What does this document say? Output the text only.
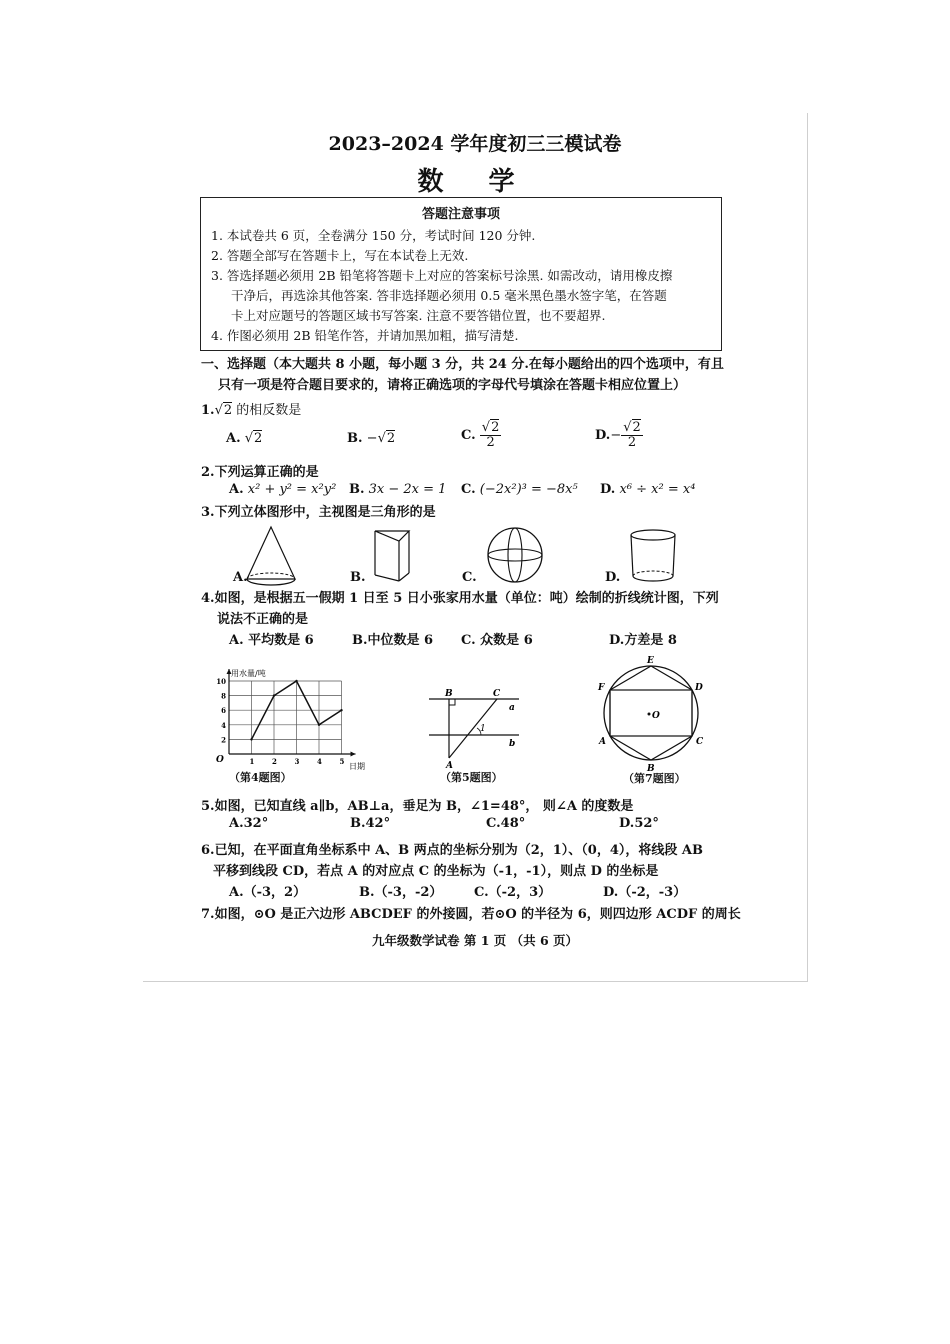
2023–2024 学年度初三三模试卷
数 学
答题注意事项
1. 本试卷共 6 页，全卷满分 150 分，考试时间 120 分钟.
2. 答题全部写在答题卡上，写在本试卷上无效.
3. 答选择题必须用 2B 铅笔将答题卡上对应的答案标号涂黑. 如需改动，请用橡皮擦
干净后，再选涂其他答案. 答非选择题必须用 0.5 毫米黑色墨水签字笔，在答题
卡上对应题号的答题区域书写答案. 注意不要答错位置，也不要超界.
4. 作图必须用 2B 铅笔作答，并请加黑加粗，描写清楚.
一、选择题（本大题共 8 小题，每小题 3 分，共 24 分.在每小题给出的四个选项中，有且
只有一项是符合题目要求的，请将正确选项的字母代号填涂在答题卡相应位置上）
1.√2 的相反数是
A. √2	B. −√2	C. $\frac{√2}{2}$	$D.- \frac{√2}{2}$
2.下列运算正确的是
A. x² + y² = x²y² B. 3x − 2x = 1 C. (−2x²)³ = −8x⁵ D. x⁶ ÷ x² = x⁴
3.下列立体图形中，主视图是三角形的是
A.	B.	C.	D.
4.如图，是根据五一假期 1 日至 5 日小张家用水量（单位：吨）绘制的折线统计图，下列
说法不正确的是
A. 平均数是 6	B.中位数是 6 C. 众数是 6	D.方差是 8
用水量/吨
日期
O	1	2	3	4	5
10
8
6
4
2
（第4题图）
B	C
a
b
1
A
（第5题图）
E
F	D
O
A	C
B
（第7题图）
5.如图，已知直线 a∥b，AB⊥a，垂足为 B，∠1=48°， 则∠A 的度数是
A.32°	B.42°	C.48°	D.52°
6.已知，在平面直角坐标系中 A、B 两点的坐标分别为（2，1）、（0，4），将线段 AB
平移到线段 CD，若点 A 的对应点 C 的坐标为（-1，-1），则点 D 的坐标是
A.（-3，2）	B.（-3，-2） C.（-2，3）	D.（-2，-3）
7.如图，⊙O 是正六边形 ABCDEF 的外接圆，若⊙O 的半径为 6，则四边形 ACDF 的周长
九年级数学试卷 第 1 页 （共 6 页）
